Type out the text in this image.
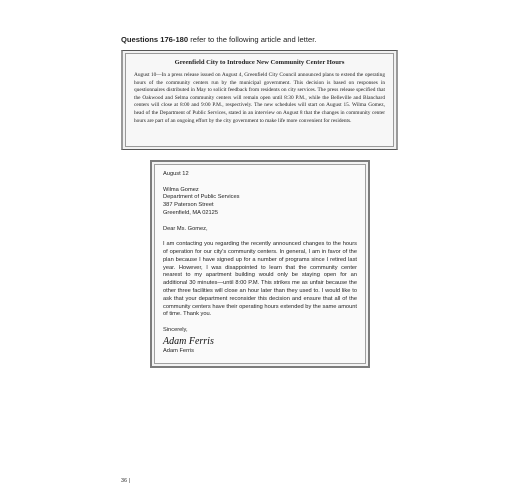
Questions 176-180 refer to the following article and letter.

Greenfield City to Introduce New Community Center Hours

August 10—In a press release issued on August 4, Greenfield City Council announced plans to extend the operating hours of the community centers run by the municipal government. This decision is based on responses in questionnaires distributed in May to solicit feedback from residents on city services. The press release specified that the Oakwood and Selma community centers will remain open until 8:30 P.M., while the Belleville and Blanchard centers will close at 8:00 and 9:00 P.M., respectively. The new schedules will start on August 15. Wilma Gomez, head of the Department of Public Services, stated in an interview on August 8 that the changes in community center hours are part of an ongoing effort by the city government to make life more convenient for residents.

August 12
Wilma Gomez
Department of Public Services
387 Paterson Street
Greenfield, MA 02125
Dear Ms. Gomez,

I am contacting you regarding the recently announced changes to the hours of operation for our city's community centers. In general, I am in favor of the plan because I have signed up for a number of programs since I retired last year. However, I was disappointed to learn that the community center nearest to my apartment building would only be staying open for an additional 30 minutes—until 8:00 P.M. This strikes me as unfair because the other three facilities will close an hour later than they used to. I would like to ask that your department reconsider this decision and ensure that all of the community centers have their operating hours extended by the same amount of time. Thank you.

Sincerely,
Adam Ferris
Adam Ferris
36 |
